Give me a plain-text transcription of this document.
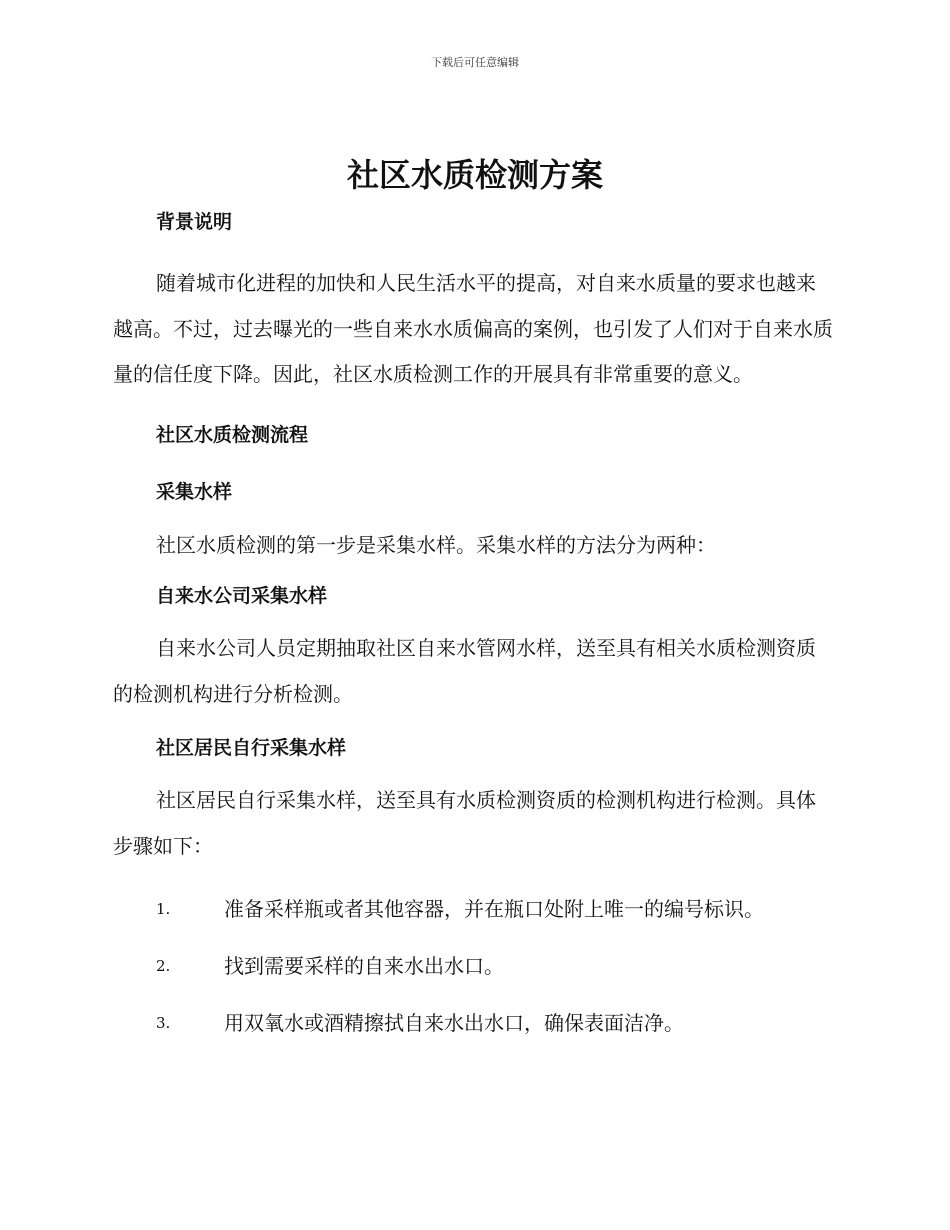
下载后可任意编辑
社区水质检测方案
背景说明

随着城市化进程的加快和人民生活水平的提高，对自来水质量的要求也越来越高。不过，过去曝光的一些自来水水质偏高的案例，也引发了人们对于自来水质量的信任度下降。因此，社区水质检测工作的开展具有非常重要的意义。

社区水质检测流程
采集水样

社区水质检测的第一步是采集水样。采集水样的方法分为两种：

自来水公司采集水样

自来水公司人员定期抽取社区自来水管网水样，送至具有相关水质检测资质的检测机构进行分析检测。

社区居民自行采集水样

社区居民自行采集水样，送至具有水质检测资质的检测机构进行检测。具体步骤如下：

1.	准备采样瓶或者其他容器，并在瓶口处附上唯一的编号标识。
2.	找到需要采样的自来水出水口。
3.	用双氧水或酒精擦拭自来水出水口，确保表面洁净。
